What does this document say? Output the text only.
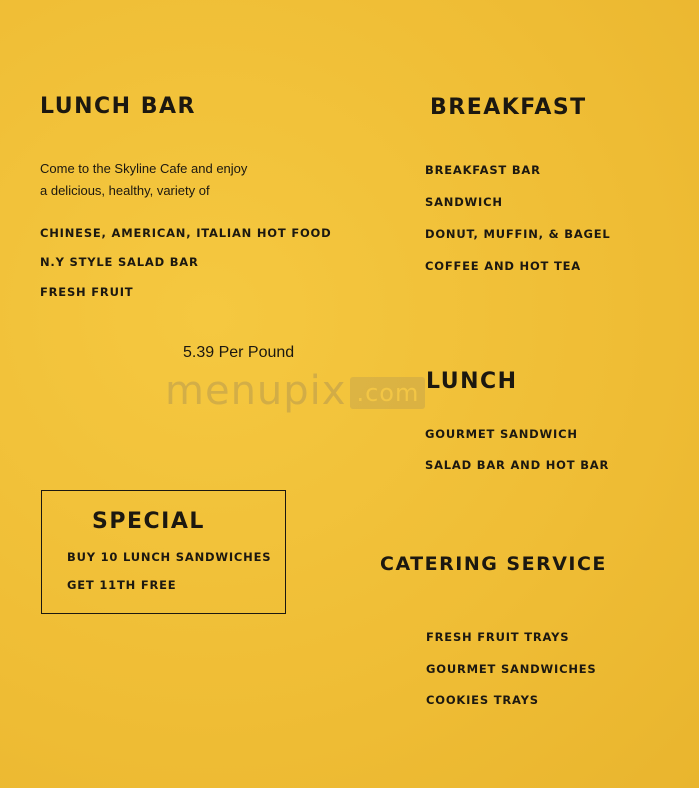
LUNCH BAR
Come to the Skyline Cafe and enjoy
a delicious, healthy, variety of
CHINESE, AMERICAN, ITALIAN HOT FOOD
N.Y STYLE SALAD BAR
FRESH FRUIT
5.39 Per Pound
menupix .com
SPECIAL
BUY 10 LUNCH SANDWICHES
GET 11TH FREE
BREAKFAST
BREAKFAST BAR
SANDWICH
DONUT, MUFFIN, & BAGEL
COFFEE AND HOT TEA
LUNCH
GOURMET SANDWICH
SALAD BAR AND HOT BAR
CATERING SERVICE
FRESH FRUIT TRAYS
GOURMET SANDWICHES
COOKIES TRAYS
